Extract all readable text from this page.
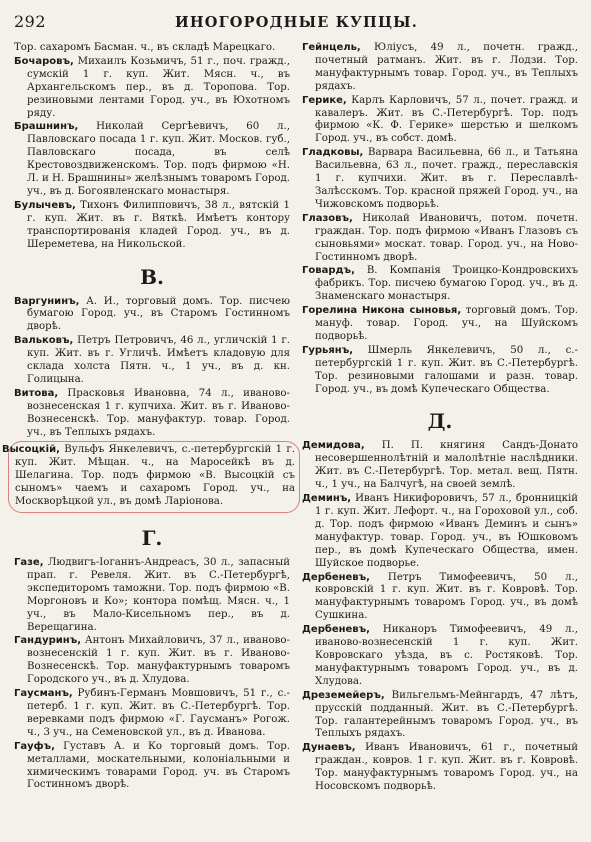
292	ИНОГОРОДНЫЕ КУПЦЫ.

Тор. сахаромъ Басман. ч., въ складѣ Марецкаго.

Бочаровъ, Михаилъ Козьмичъ, 51 г., поч. гражд., сумскій 1 г. куп. Жит. Мясн. ч., въ Архангельскомъ пер., въ д. Торопова. Тор. резиновыми лентами Город. уч., въ Юхотномъ ряду.

Брашнинъ, Николай Сергѣевичъ, 60 л., Павловскаго посада 1 г. куп. Жит. Москов. губ., Павловскаго посада, въ селѣ Крестовоздвиженскомъ. Тор. подъ фирмою «Н. Л. и Н. Брашнины» желѣзнымъ товаромъ Город. уч., въ д. Богоявленскаго монастыря.

Булычевъ, Тихонъ Филипповичъ, 38 л., вятскій 1 г. куп. Жит. въ г. Вяткѣ. Имѣетъ контору транспортированія кладей Город. уч., въ д. Шереметева, на Никольской.

В.

Варгунинъ, А. И., торговый домъ. Тор. писчею бумагою Город. уч., въ Старомъ Гостинномъ дворѣ.

Вальковъ, Петръ Петровичъ, 46 л., угличскій 1 г. куп. Жит. въ г. Угличѣ. Имѣетъ кладовую для склада холста Пятн. ч., 1 уч., въ д. кн. Голицына.

Витова, Прасковья Ивановна, 74 л., иваново-вознесенская 1 г. купчиха. Жит. въ г. Иваново-Вознесенскѣ. Тор. мануфактур. товар. Город. уч., въ Теплыхъ рядахъ.

Высоцкій, Вульфъ Янкелевичъ, с.-петербургскій 1 г. куп. Жит. Мѣщан. ч., на Маросейкѣ въ д. Шелагина. Тор. подъ фирмою «В. Высоцкій съ сыномъ» чаемъ и сахаромъ Город. уч., на Москворѣцкой ул., въ домѣ Ларіонова.

Г.

Газе, Людвигъ-Іоганнъ-Андреасъ, 30 л., запасный прап. г. Ревеля. Жит. въ С.-Петербургѣ, экспедиторомъ таможни. Тор. подъ фирмою «В. Моргоновъ и Ко»; контора помѣщ. Мясн. ч., 1 уч., въ Мало-Кисельномъ пер., въ д. Верещагина.

Гандуринъ, Антонъ Михайловичъ, 37 л., иваново-вознесенскій 1 г. куп. Жит. въ г. Иваново-Вознесенскѣ. Тор. мануфактурнымъ товаромъ Городского уч., въ д. Хлудова.

Гаусманъ, Рубинъ-Германъ Мовшовичъ, 51 г., с.-петерб. 1 г. куп. Жит. въ С.-Петербургѣ. Тор. веревками подъ фирмою «Г. Гаусманъ» Рогож. ч., 3 уч., на Семеновской ул., въ д. Иванова.

Гауфъ, Густавъ А. и Ко торговый домъ. Тор. металлами, москательными, колоніальными и химическимъ товарами Город. уч. въ Старомъ Гостинномъ дворѣ.

Гейнцель, Юліусъ, 49 л., почетн. гражд., почетный ратманъ. Жит. въ г. Лодзи. Тор. мануфактурнымъ товар. Город. уч., въ Теплыхъ рядахъ.

Герике, Карлъ Карловичъ, 57 л., почет. гражд. и кавалеръ. Жит. въ С.-Петербургѣ. Тор. подъ фирмою «К. Ф. Герике» шерстью и шелкомъ Город. уч., въ собст. домѣ.

Гладковы, Варвара Васильевна, 66 л., и Татьяна Васильевна, 63 л., почет. гражд., переславскія 1 г. купчихи. Жит. въ г. Переславлѣ-Залѣсскомъ. Тор. красной пряжей Город. уч., на Чижовскомъ подворьѣ.

Глазовъ, Николай Ивановичъ, потом. почетн. граждан. Тор. подъ фирмою «Иванъ Глазовъ съ сыновьями» москат. товар. Город. уч., на Ново-Гостинномъ дворѣ.

Говардъ, В. Компанія Троицко-Кондровскихъ фабрикъ. Тор. писчею бумагою Город. уч., въ д. Знаменскаго монастыря.

Горелина Никона сыновья, торговый домъ. Тор. мануф. товар. Город. уч., на Шуйскомъ подворьѣ.

Гурьянъ, Шмерль Янкелевичъ, 50 л., с.-петербургскій 1 г. куп. Жит. въ С.-Петербургѣ. Тор. резиновыми галошами и разн. товар. Город. уч., въ домѣ Купеческаго Общества.

Д.

Демидова, П. П. княгиня Сандъ-Донато несовершеннолѣтній и малолѣтніе наслѣдники. Жит. въ С.-Петербургѣ. Тор. метал. вещ. Пятн. ч., 1 уч., на Балчугѣ, на своей землѣ.

Деминъ, Иванъ Никифоровичъ, 57 л., бронницкій 1 г. куп. Жит. Лефорт. ч., на Гороховой ул., соб. д. Тор. подъ фирмою «Иванъ Деминъ и сынъ» мануфактур. товар. Город. уч., въ Юшковомъ пер., въ домѣ Купеческаго Общества, имен. Шуйское подворье.

Дербеневъ, Петръ Тимофеевичъ, 50 л., ковровскій 1 г. куп. Жит. въ г. Ковровѣ. Тор. мануфактурнымъ товаромъ Город. уч., въ домѣ Сушкина.

Дербеневъ, Никаноръ Тимофеевичъ, 49 л., иваново-вознесенскій 1 г. куп. Жит. Ковровскаго уѣзда, въ с. Ростяковѣ. Тор. мануфактурнымъ товаромъ Город. уч., въ д. Хлудова.

Дреземейеръ, Вильгельмъ-Мейнгардъ, 47 лѣтъ, прусскій подданный. Жит. въ С.-Петербургѣ. Тор. галантерейнымъ товаромъ Город. уч., въ Теплыхъ рядахъ.

Дунаевъ, Иванъ Ивановичъ, 61 г., почетный граждан., ковров. 1 г. куп. Жит. въ г. Ковровѣ. Тор. мануфактурнымъ товаромъ Город. уч., на Носовскомъ подворьѣ.
